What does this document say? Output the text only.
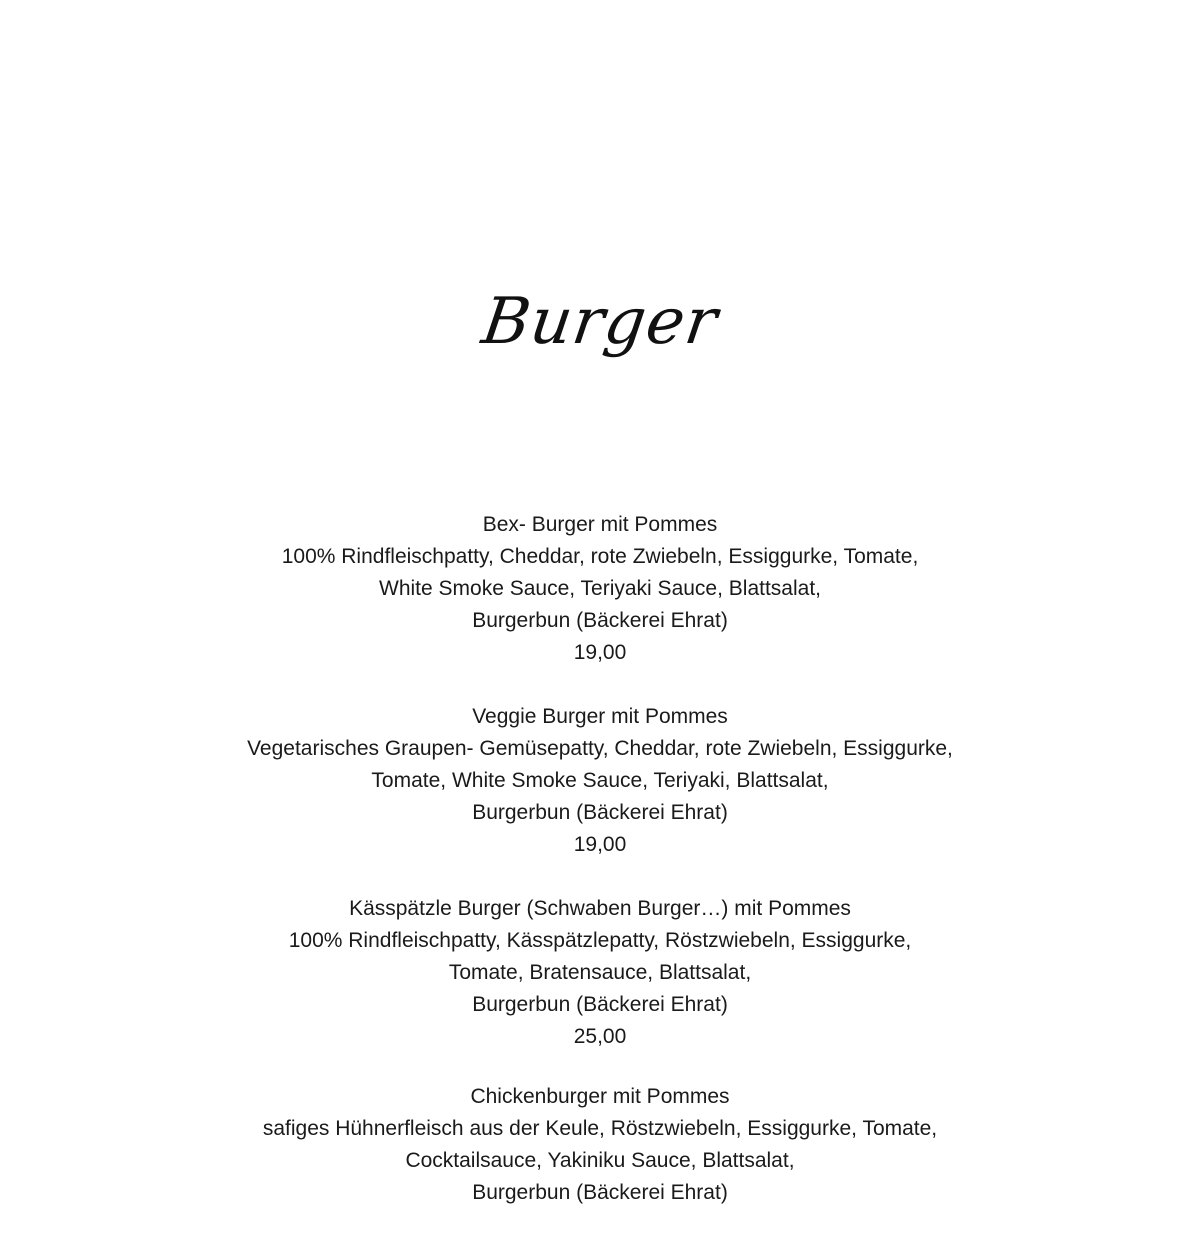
Burger
Bex- Burger mit Pommes
100% Rindfleischpatty, Cheddar, rote Zwiebeln, Essiggurke, Tomate,
White Smoke Sauce, Teriyaki Sauce, Blattsalat,
Burgerbun (Bäckerei Ehrat)
19,00
Veggie Burger mit Pommes
Vegetarisches Graupen- Gemüsepatty, Cheddar, rote Zwiebeln, Essiggurke,
Tomate, White Smoke Sauce, Teriyaki, Blattsalat,
Burgerbun (Bäckerei Ehrat)
19,00
Kässpätzle Burger (Schwaben Burger…) mit Pommes
100% Rindfleischpatty, Kässpätzlepatty, Röstzwiebeln, Essiggurke,
Tomate, Bratensauce, Blattsalat,
Burgerbun (Bäckerei Ehrat)
25,00
Chickenburger mit Pommes
safiges Hühnerfleisch aus der Keule, Röstzwiebeln, Essiggurke, Tomate,
Cocktailsauce, Yakiniku Sauce, Blattsalat,
Burgerbun (Bäckerei Ehrat)
